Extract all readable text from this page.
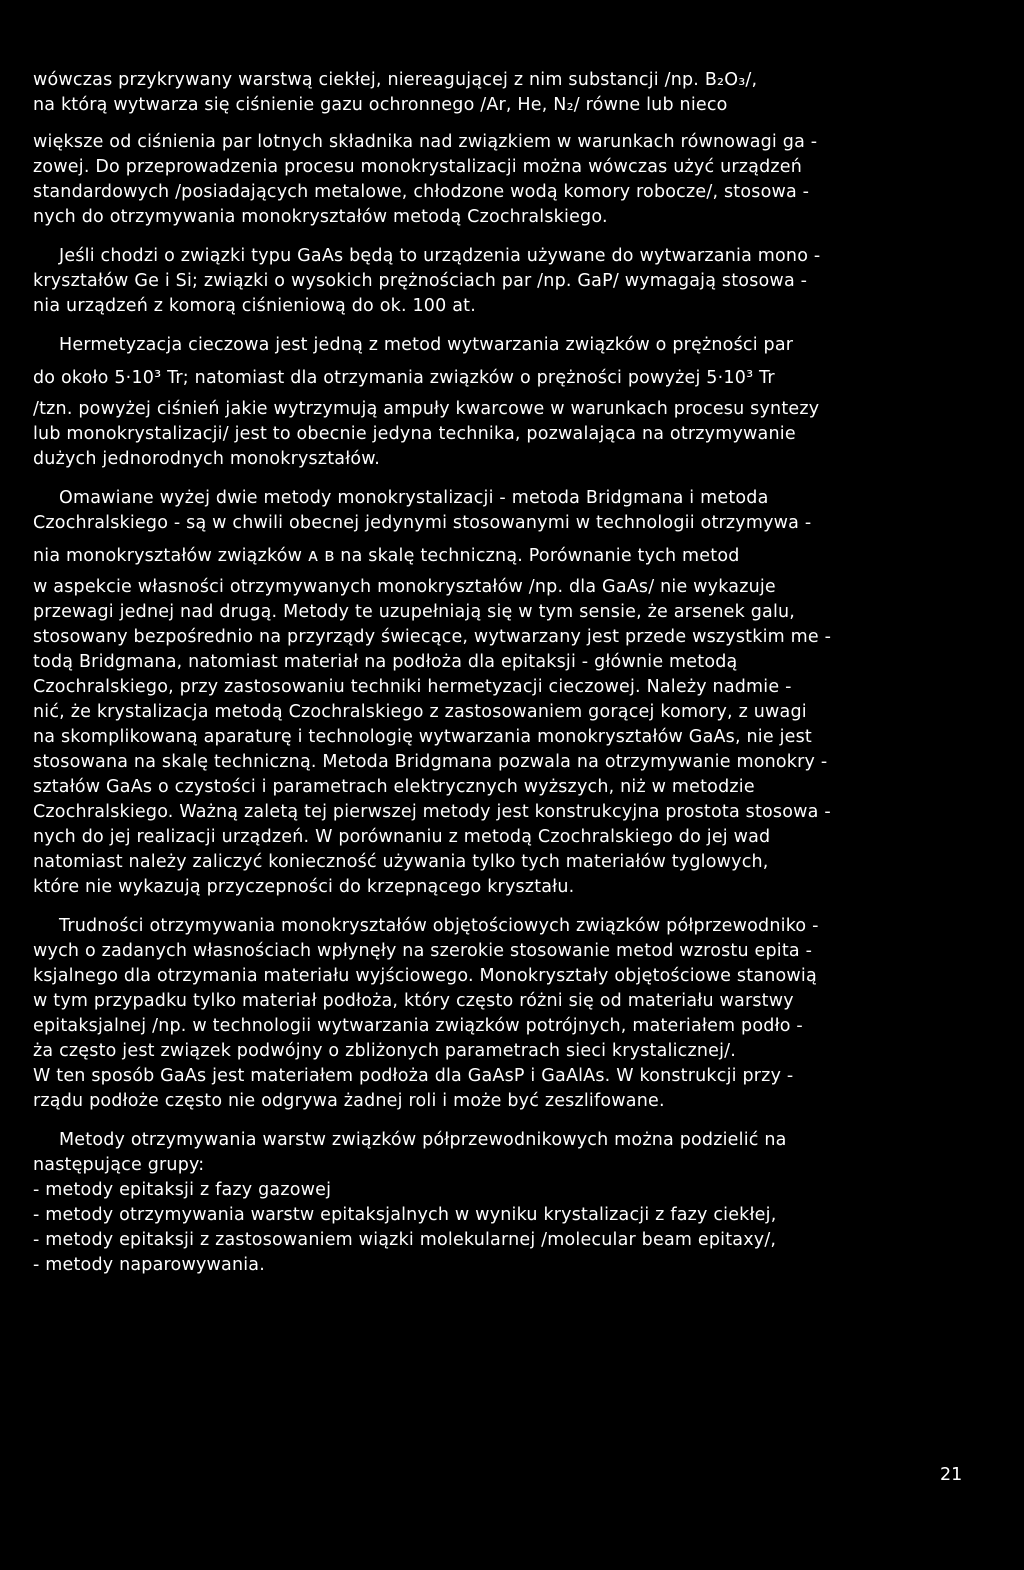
wówczas przykrywany warstwą ciekłej, niereagującej z nim substancji /np. B₂O₃/,
na którą wytwarza się ciśnienie gazu ochronnego /Ar, He, N₂/ równe lub nieco
większe od ciśnienia par lotnych składnika nad związkiem w warunkach równowagi ga -
zowej. Do przeprowadzenia procesu monokrystalizacji można wówczas użyć urządzeń
standardowych /posiadających metalowe, chłodzone wodą komory robocze/, stosowa -
nych do otrzymywania monokryształów metodą Czochralskiego.
Jeśli chodzi o związki typu GaAs będą to urządzenia używane do wytwarzania mono -
kryształów Ge i Si; związki o wysokich prężnościach par /np. GaP/ wymagają stosowa -
nia urządzeń z komorą ciśnieniową do ok. 100 at.
Hermetyzacja cieczowa jest jedną z metod wytwarzania związków o prężności par
do około 5·10³ Tr; natomiast dla otrzymania związków o prężności powyżej 5·10³ Tr
/tzn. powyżej ciśnień jakie wytrzymują ampuły kwarcowe w warunkach procesu syntezy
lub monokrystalizacji/ jest to obecnie jedyna technika, pozwalająca na otrzymywanie
dużych jednorodnych monokryształów.
Omawiane wyżej dwie metody monokrystalizacji - metoda Bridgmana i metoda
Czochralskiego - są w chwili obecnej jedynymi stosowanymi w technologii otrzymywa -
nia monokryształów związków ᴀ ʙ na skalę techniczną. Porównanie tych metod
w aspekcie własności otrzymywanych monokryształów /np. dla GaAs/ nie wykazuje
przewagi jednej nad drugą. Metody te uzupełniają się w tym sensie, że arsenek galu,
stosowany bezpośrednio na przyrządy świecące, wytwarzany jest przede wszystkim me -
todą Bridgmana, natomiast materiał na podłoża dla epitaksji - głównie metodą
Czochralskiego, przy zastosowaniu techniki hermetyzacji cieczowej. Należy nadmie -
nić, że krystalizacja metodą Czochralskiego z zastosowaniem gorącej komory, z uwagi
na skomplikowaną aparaturę i technologię wytwarzania monokryształów GaAs, nie jest
stosowana na skalę techniczną. Metoda Bridgmana pozwala na otrzymywanie monokry -
ształów GaAs o czystości i parametrach elektrycznych wyższych, niż w metodzie
Czochralskiego. Ważną zaletą tej pierwszej metody jest konstrukcyjna prostota stosowa -
nych do jej realizacji urządzeń. W porównaniu z metodą Czochralskiego do jej wad
natomiast należy zaliczyć konieczność używania tylko tych materiałów tyglowych,
które nie wykazują przyczepności do krzepnącego kryształu.
Trudności otrzymywania monokryształów objętościowych związków półprzewodniko -
wych o zadanych własnościach wpłynęły na szerokie stosowanie metod wzrostu epita -
ksjalnego dla otrzymania materiału wyjściowego. Monokryształy objętościowe stanowią
w tym przypadku tylko materiał podłoża, który często różni się od materiału warstwy
epitaksjalnej /np. w technologii wytwarzania związków potrójnych, materiałem podło -
ża często jest związek podwójny o zbliżonych parametrach sieci krystalicznej/.
W ten sposób GaAs jest materiałem podłoża dla GaAsP i GaAlAs. W konstrukcji przy -
rządu podłoże często nie odgrywa żadnej roli i może być zeszlifowane.
Metody otrzymywania warstw związków półprzewodnikowych można podzielić na
następujące grupy:
- metody epitaksji z fazy gazowej
- metody otrzymywania warstw epitaksjalnych w wyniku krystalizacji z fazy ciekłej,
- metody epitaksji z zastosowaniem wiązki molekularnej /molecular beam epitaxy/,
- metody naparowywania.
21
